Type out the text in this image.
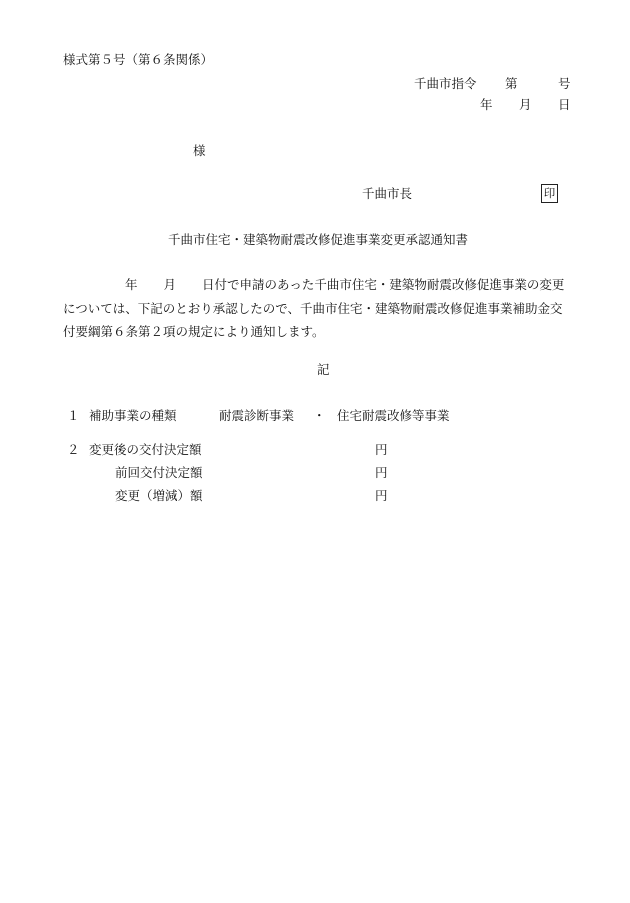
様式第５号（第６条関係）
千曲市指令 第	号
年 月 日
様
千曲市長	印
千曲市住宅・建築物耐震改修促進事業変更承認通知書
年 月 日付で申請のあった千曲市住宅・建築物耐震改修促進事業の変更
については、下記のとおり承認したので、千曲市住宅・建築物耐震改修促進事業補助金交
付要綱第６条第２項の規定により通知します。
記
１ 補助事業の種類	耐震診断事業 ・ 住宅耐震改修等事業
２ 変更後の交付決定額	円
前回交付決定額	円
変更（増減）額	円
